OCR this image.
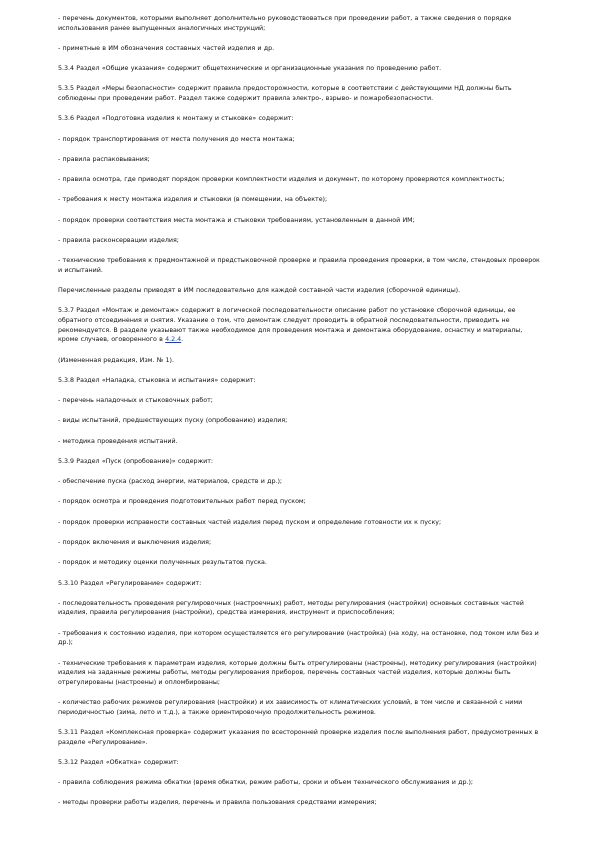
- перечень документов, которыми выполняет дополнительно руководствоваться при проведении работ, а также сведения о порядке использования ранее выпущенных аналогичных инструкций;

- приметные в ИМ обозначения составных частей изделия и др.

5.3.4 Раздел «Общие указания» содержит общетехнические и организационные указания по проведению работ.

5.3.5 Раздел «Меры безопасности» содержит правила предосторожности, которые в соответствии с действующими НД должны быть соблюдены при проведении работ. Раздел также содержит правила электро-, взрыво- и пожаробезопасности.

5.3.6 Раздел «Подготовка изделия к монтажу и стыковке» содержит:

- порядок транспортирования от места получения до места монтажа;

- правила распаковывания;

- правила осмотра, где приводят порядок проверки комплектности изделия и документ, по которому проверяются комплектность;

- требования к месту монтажа изделия и стыковки (в помещении, на объекте);

- порядок проверки соответствия места монтажа и стыковки требованиям, установленным в данной ИМ;

- правила расконсервации изделия;

- технические требования к предмонтажной и предстыковочной проверке и правила проведения проверки, в том числе, стендовых проверок и испытаний.

Перечисленные разделы приводят в ИМ последовательно для каждой составной части изделия (сборочной единицы).

5.3.7 Раздел «Монтаж и демонтаж» содержит в логической последовательности описание работ по установке сборочной единицы, ее обратного отсоединения и снятия. Указание о том, что демонтаж следует проводить в обратной последовательности, приводить не рекомендуется. В разделе указывают также необходимое для проведения монтажа и демонтажа оборудование, оснастку и материалы, кроме случаев, оговоренного в 4.2.4.

(Измененная редакция, Изм. № 1).

5.3.8 Раздел «Наладка, стыковка и испытания» содержит:

- перечень наладочных и стыковочных работ;

- виды испытаний, предшествующих пуску (опробованию) изделия;

- методика проведения испытаний.

5.3.9 Раздел «Пуск (опробование)» содержит:

- обеспечение пуска (расход энергии, материалов, средств и др.);

- порядок осмотра и проведения подготовительных работ перед пуском;

- порядок проверки исправности составных частей изделия перед пуском и определение готовности их к пуску;

- порядок включения и выключения изделия;

- порядок и методику оценки полученных результатов пуска.

5.3.10 Раздел «Регулирование» содержит:

- последовательность проведения регулировочных (настроечных) работ, методы регулирования (настройки) основных составных частей изделия, правила регулирования (настройки), средства измерения, инструмент и приспособления;

- требования к состоянию изделия, при котором осуществляется его регулирование (настройка) (на ходу, на остановке, под током или без и др.);

- технические требования к параметрам изделия, которые должны быть отрегулированы (настроены), методику регулирования (настройки) изделия на заданные режимы работы, методы регулирования приборов, перечень составных частей изделия, которые должны быть отрегулированы (настроены) и опломбированы;

- количество рабочих режимов регулирования (настройки) и их зависимость от климатических условий, в том числе и связанной с ними периодичностью (зима, лето и т.д.), а также ориентировочную продолжительность режимов.

5.3.11 Раздел «Комплексная проверка» содержит указания по всесторонней проверке изделия после выполнения работ, предусмотренных в разделе «Регулирование».

5.3.12 Раздел «Обкатка» содержит:

- правила соблюдения режима обкатки (время обкатки, режим работы, сроки и объем технического обслуживания и др.);

- методы проверки работы изделия, перечень и правила пользования средствами измерения;
